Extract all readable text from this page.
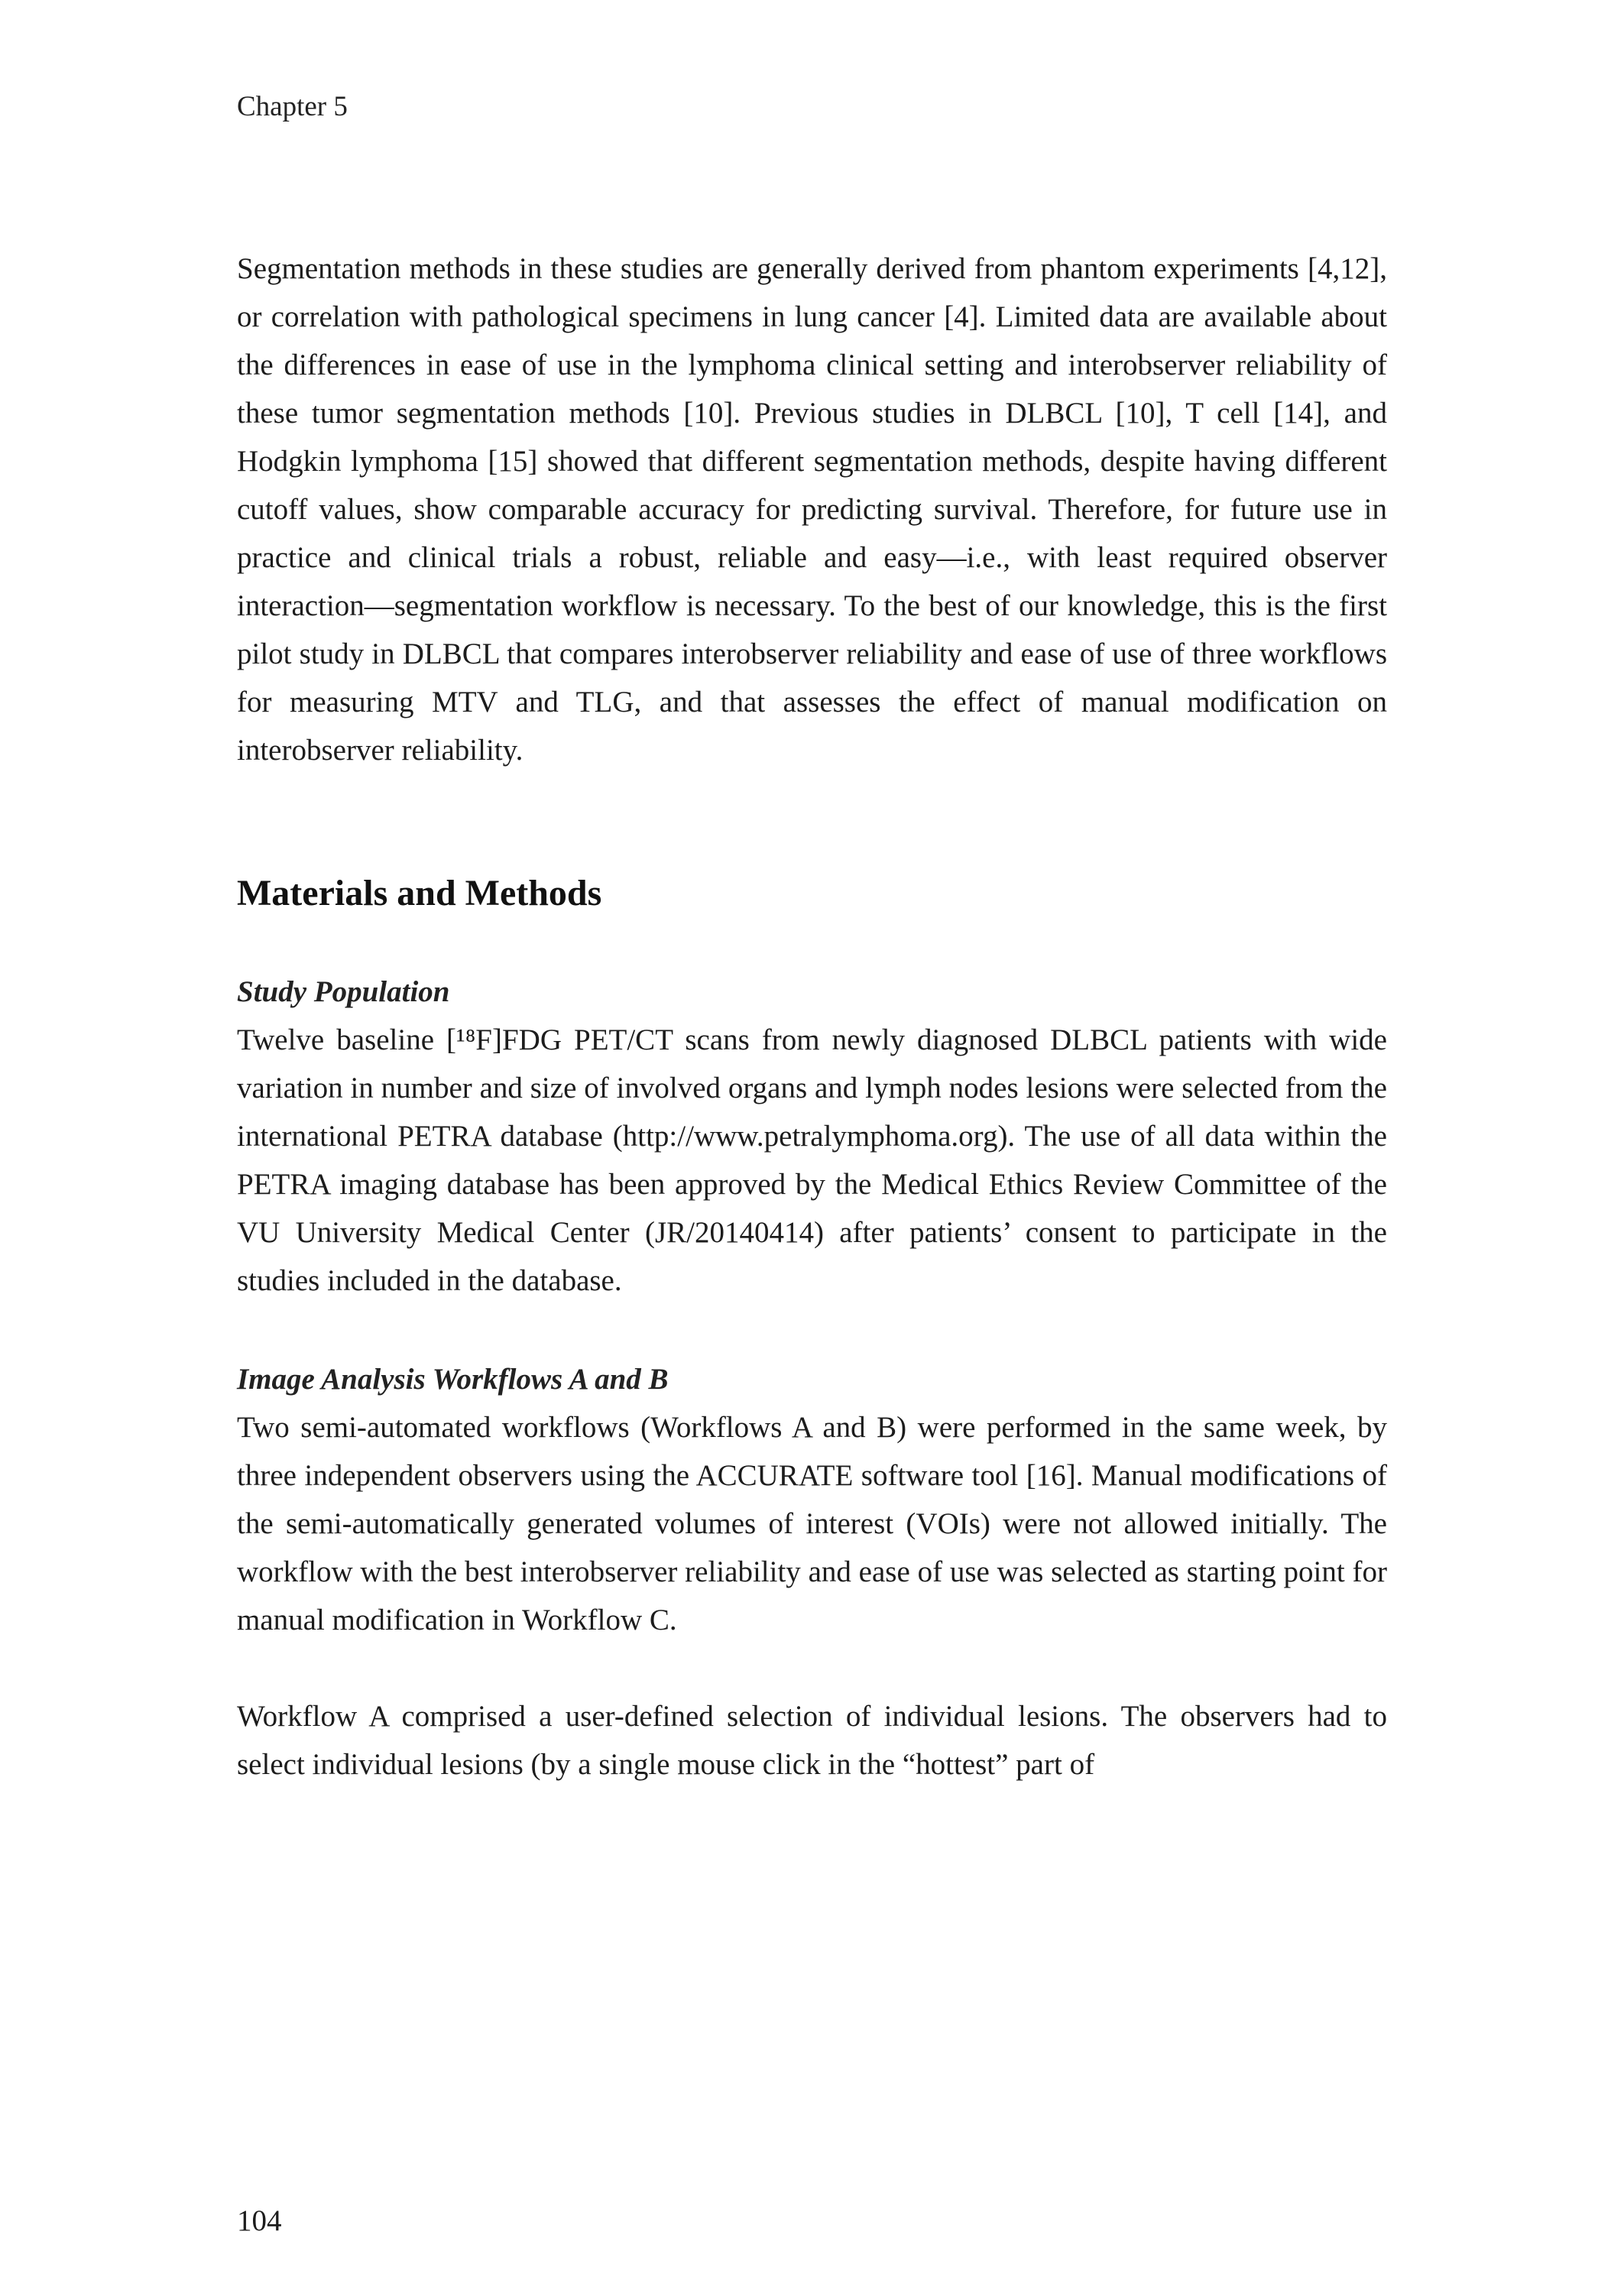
Chapter 5

Segmentation methods in these studies are generally derived from phantom experiments [4,12], or correlation with pathological specimens in lung cancer [4]. Limited data are available about the differences in ease of use in the lymphoma clinical setting and interobserver reliability of these tumor segmentation methods [10]. Previous studies in DLBCL [10], T cell [14], and Hodgkin lymphoma [15] showed that different segmentation methods, despite having different cutoff values, show comparable accuracy for predicting survival. Therefore, for future use in practice and clinical trials a robust, reliable and easy—i.e., with least required observer interaction—segmentation workflow is necessary. To the best of our knowledge, this is the first pilot study in DLBCL that compares interobserver reliability and ease of use of three workflows for measuring MTV and TLG, and that assesses the effect of manual modification on interobserver reliability.

Materials and Methods
Study Population

Twelve baseline [¹⁸F]FDG PET/CT scans from newly diagnosed DLBCL patients with wide variation in number and size of involved organs and lymph nodes lesions were selected from the international PETRA database (http://www.petralymphoma.org). The use of all data within the PETRA imaging database has been approved by the Medical Ethics Review Committee of the VU University Medical Center (JR/20140414) after patients’ consent to participate in the studies included in the database.

Image Analysis Workflows A and B

Two semi-automated workflows (Workflows A and B) were performed in the same week, by three independent observers using the ACCURATE software tool [16]. Manual modifications of the semi-automatically generated volumes of interest (VOIs) were not allowed initially. The workflow with the best interobserver reliability and ease of use was selected as starting point for manual modification in Workflow C.

Workflow A comprised a user-defined selection of individual lesions. The observers had to select individual lesions (by a single mouse click in the “hottest” part of

104
